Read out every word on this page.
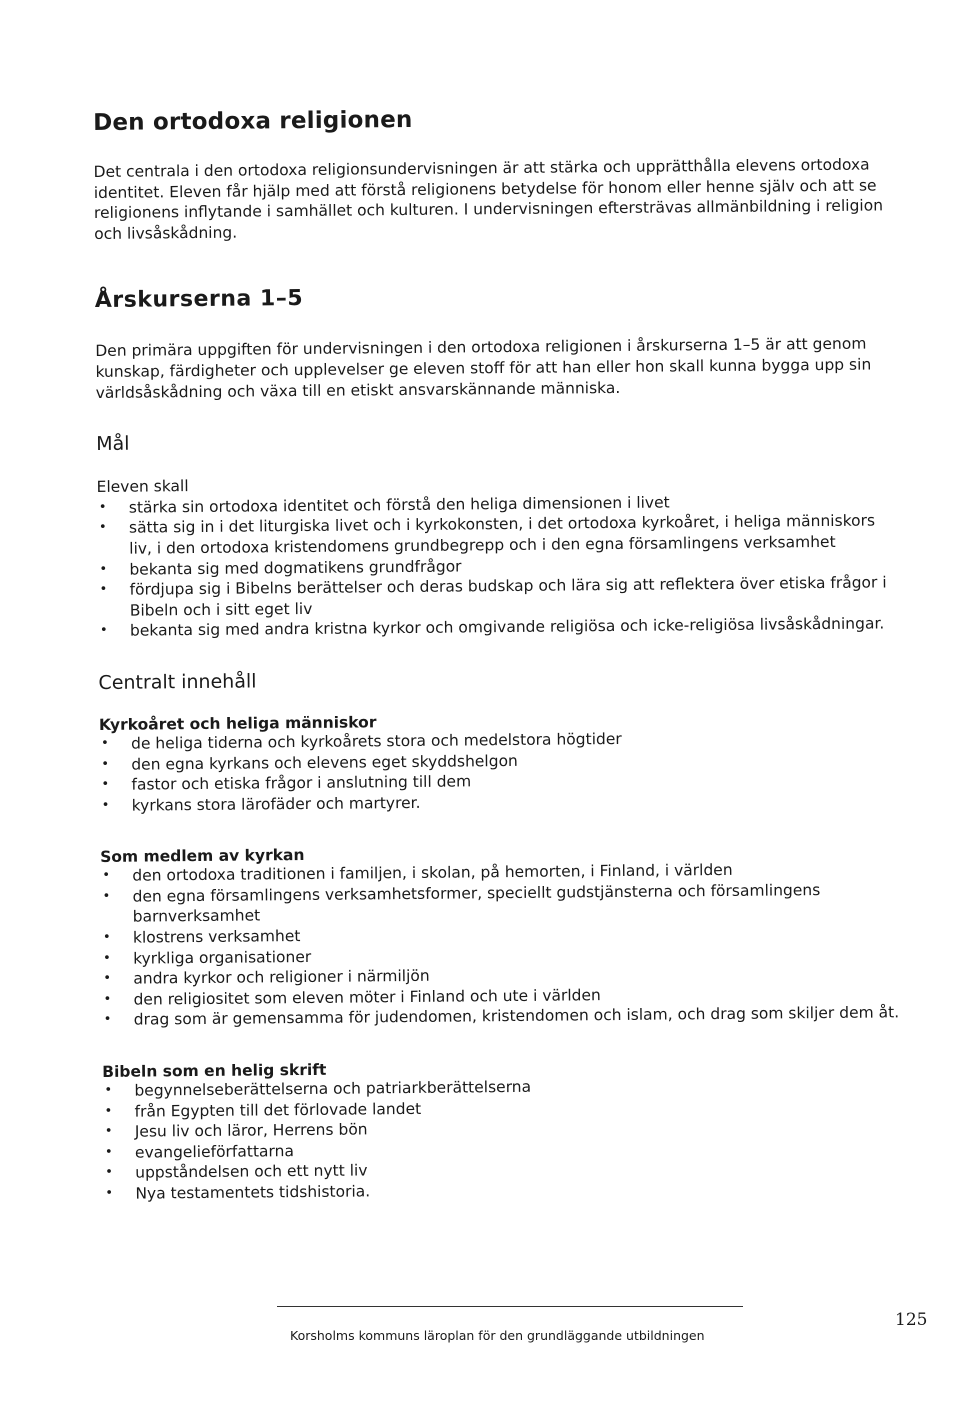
Den ortodoxa religionen

Det centrala i den ortodoxa religionsundervisningen är att stärka och upprätthålla elevens ortodoxa identitet. Eleven får hjälp med att förstå religionens betydelse för honom eller henne själv och att se religionens inflytande i samhället och kulturen. I undervisningen eftersträvas allmänbildning i religion och livsåskådning.

Årskurserna 1–5

Den primära uppgiften för undervisningen i den ortodoxa religionen i årskurserna 1–5 är att genom kunskap, färdigheter och upplevelser ge eleven stoff för att han eller hon skall kunna bygga upp sin världsåskådning och växa till en etiskt ansvarskännande människa.

Mål

Eleven skall

• stärka sin ortodoxa identitet och förstå den heliga dimensionen i livet
• sätta sig in i det liturgiska livet och i kyrkokonsten, i det ortodoxa kyrkoåret, i heliga människors liv, i den ortodoxa kristendomens grundbegrepp och i den egna församlingens verksamhet
• bekanta sig med dogmatikens grundfrågor
• fördjupa sig i Bibelns berättelser och deras budskap och lära sig att reflektera över etiska frågor i Bibeln och i sitt eget liv
• bekanta sig med andra kristna kyrkor och omgivande religiösa och icke-religiösa livsåskådningar.
Centralt innehåll
Kyrkoåret och heliga människor
• de heliga tiderna och kyrkoårets stora och medelstora högtider
• den egna kyrkans och elevens eget skyddshelgon
• fastor och etiska frågor i anslutning till dem
• kyrkans stora lärofäder och martyrer.
Som medlem av kyrkan
• den ortodoxa traditionen i familjen, i skolan, på hemorten, i Finland, i världen
• den egna församlingens verksamhetsformer, speciellt gudstjänsterna och församlingens barnverksamhet
• klostrens verksamhet
• kyrkliga organisationer
• andra kyrkor och religioner i närmiljön
• den religiositet som eleven möter i Finland och ute i världen
• drag som är gemensamma för judendomen, kristendomen och islam, och drag som skiljer dem åt.
Bibeln som en helig skrift
• begynnelseberättelserna och patriarkberättelserna
• från Egypten till det förlovade landet
• Jesu liv och läror, Herrens bön
• evangelieförfattarna
• uppståndelsen och ett nytt liv
• Nya testamentets tidshistoria.
Korsholms kommuns läroplan för den grundläggande utbildningen
125
